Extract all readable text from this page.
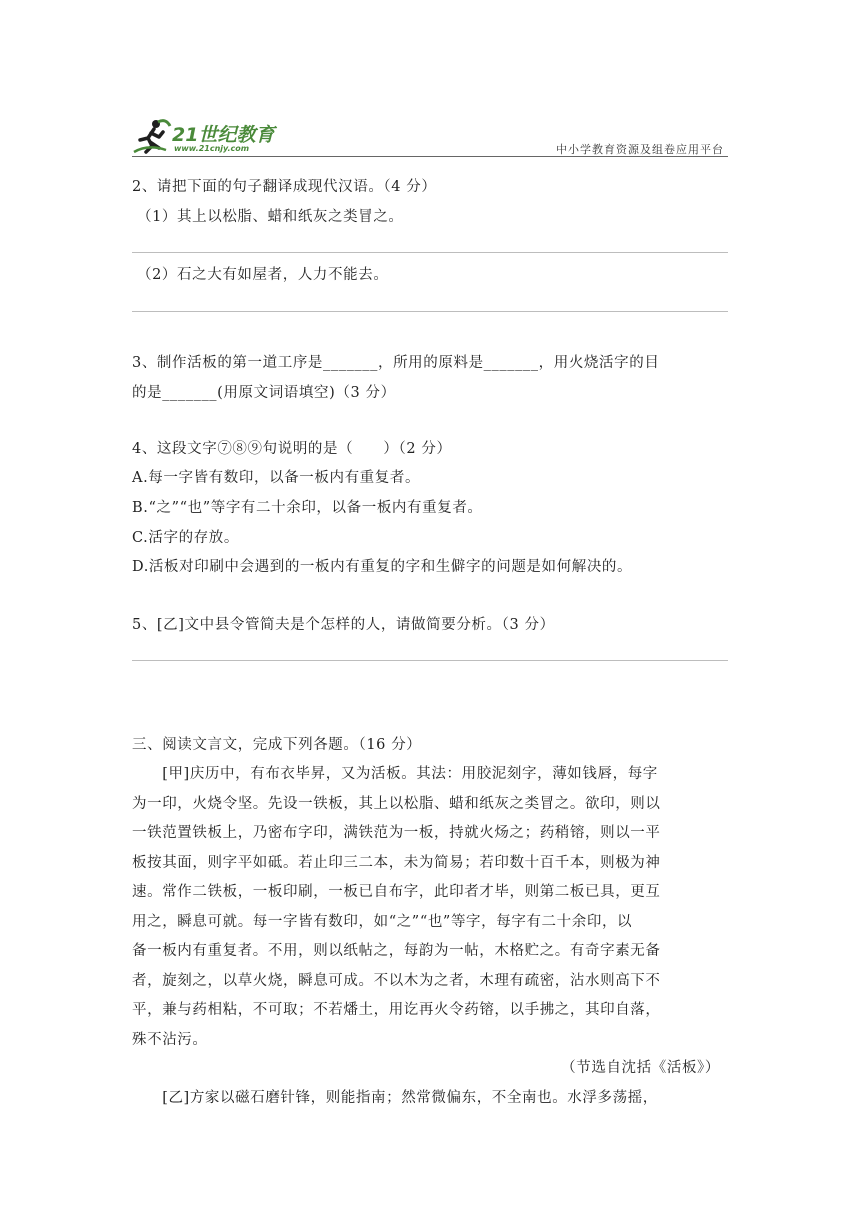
21世纪教育
www.21cnjy.com	中小学教育资源及组卷应用平台
2、请把下面的句子翻译成现代汉语。（4 分）
（1）其上以松脂、蜡和纸灰之类冒之。
（2）石之大有如屋者，人力不能去。
3、制作活板的第一道工序是_______，所用的原料是_______，用火烧活字的目
的是_______(用原文词语填空)（3 分）
4、这段文字⑦⑧⑨句说明的是（　　）（2 分）
A.每一字皆有数印，以备一板内有重复者。
B.“之”“也”等字有二十余印，以备一板内有重复者。
C.活字的存放。
D.活板对印刷中会遇到的一板内有重复的字和生僻字的问题是如何解决的。
5、[乙]文中县令管简夫是个怎样的人，请做简要分析。（3 分）
三、阅读文言文，完成下列各题。（16 分）
　　[甲]庆历中，有布衣毕昇，又为活板。其法：用胶泥刻字，薄如钱唇，每字
为一印，火烧令坚。先设一铁板，其上以松脂、蜡和纸灰之类冒之。欲印，则以
一铁范置铁板上，乃密布字印，满铁范为一板，持就火炀之；药稍镕，则以一平
板按其面，则字平如砥。若止印三二本，未为简易；若印数十百千本，则极为神
速。常作二铁板，一板印刷，一板已自布字，此印者才毕，则第二板已具，更互
用之，瞬息可就。每一字皆有数印，如“之”“也”等字，每字有二十余印，以
备一板内有重复者。不用，则以纸帖之，每韵为一帖，木格贮之。有奇字素无备
者，旋刻之，以草火烧，瞬息可成。不以木为之者，木理有疏密，沾水则高下不
平，兼与药相粘，不可取；不若燔土，用讫再火令药镕，以手拂之，其印自落，
殊不沾污。
（节选自沈括《活板》）
　　[乙]方家以磁石磨针锋，则能指南；然常微偏东，不全南也。水浮多荡摇，
